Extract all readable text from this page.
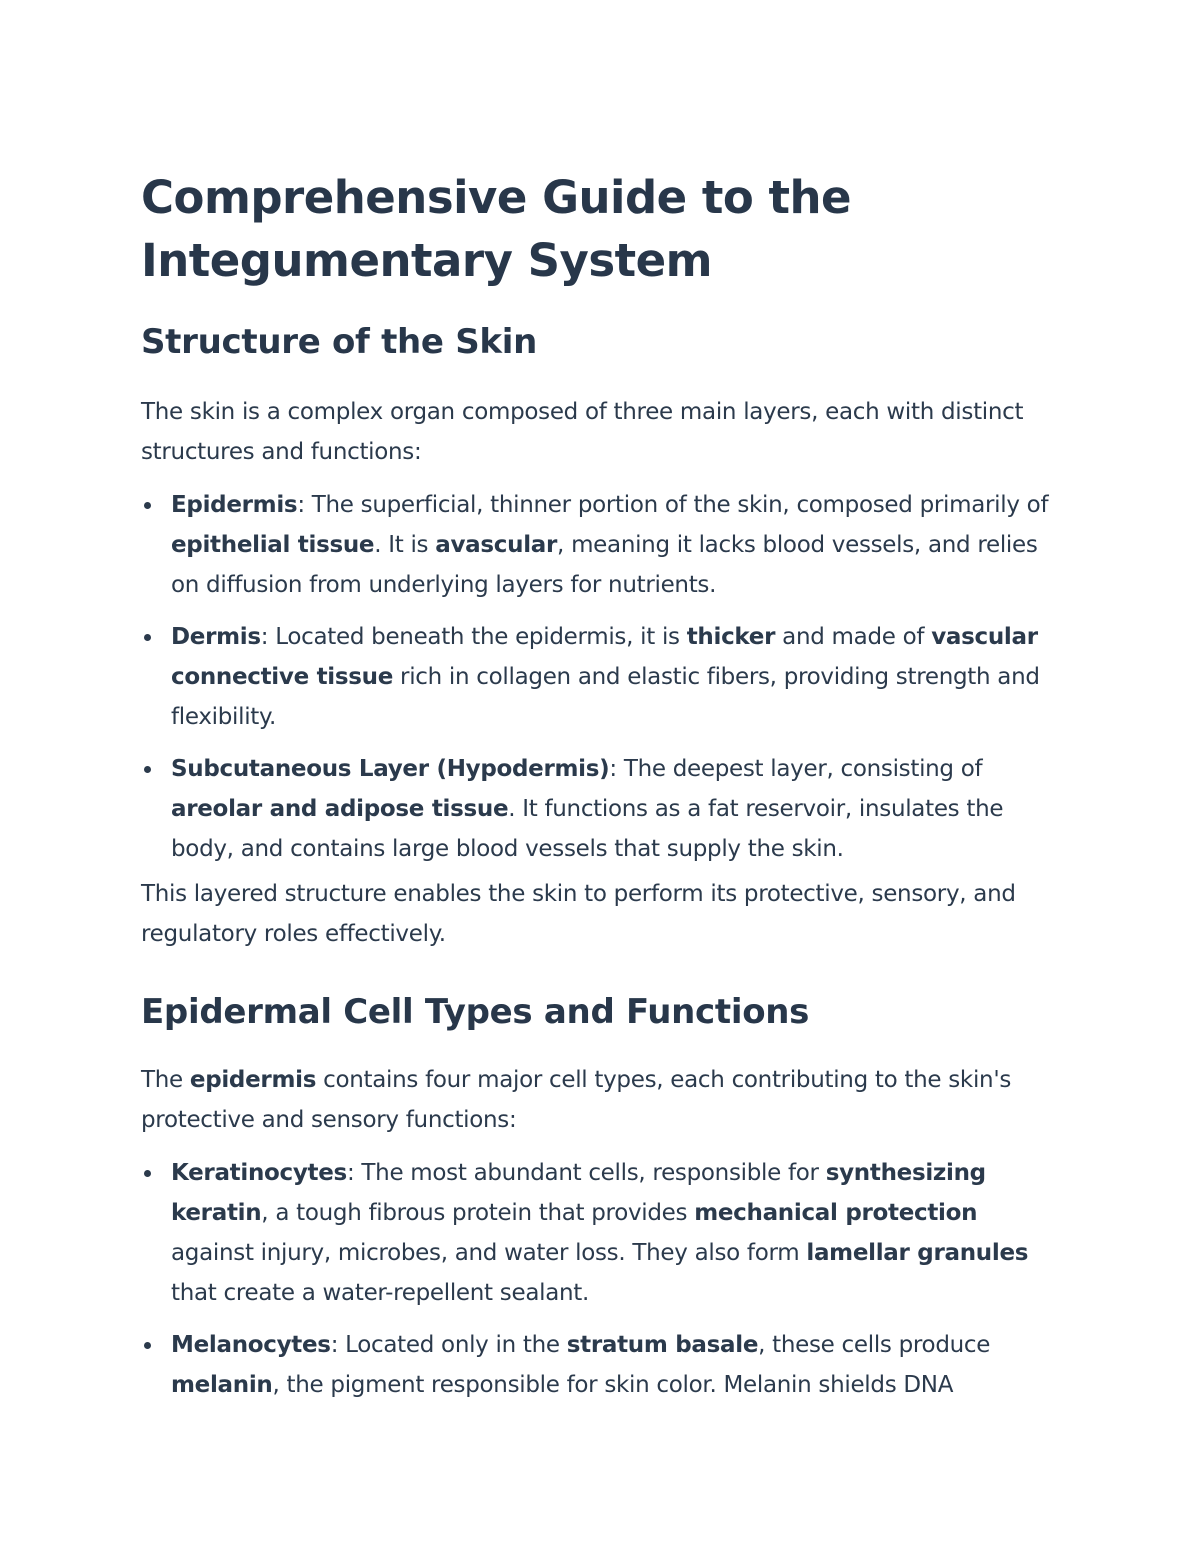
Comprehensive Guide to the Integumentary System
Structure of the Skin

The skin is a complex organ composed of three main layers, each with distinct structures and functions:

Epidermis: The superficial, thinner portion of the skin, composed primarily of epithelial tissue. It is avascular, meaning it lacks blood vessels, and relies on diffusion from underlying layers for nutrients.
Dermis: Located beneath the epidermis, it is thicker and made of vascular connective tissue rich in collagen and elastic fibers, providing strength and flexibility.
Subcutaneous Layer (Hypodermis): The deepest layer, consisting of areolar and adipose tissue. It functions as a fat reservoir, insulates the body, and contains large blood vessels that supply the skin.

This layered structure enables the skin to perform its protective, sensory, and regulatory roles effectively.

Epidermal Cell Types and Functions

The epidermis contains four major cell types, each contributing to the skin's protective and sensory functions:

Keratinocytes: The most abundant cells, responsible for synthesizing keratin, a tough fibrous protein that provides mechanical protection against injury, microbes, and water loss. They also form lamellar granules that create a water-repellent sealant.
Melanocytes: Located only in the stratum basale, these cells produce melanin, the pigment responsible for skin color. Melanin shields DNA
